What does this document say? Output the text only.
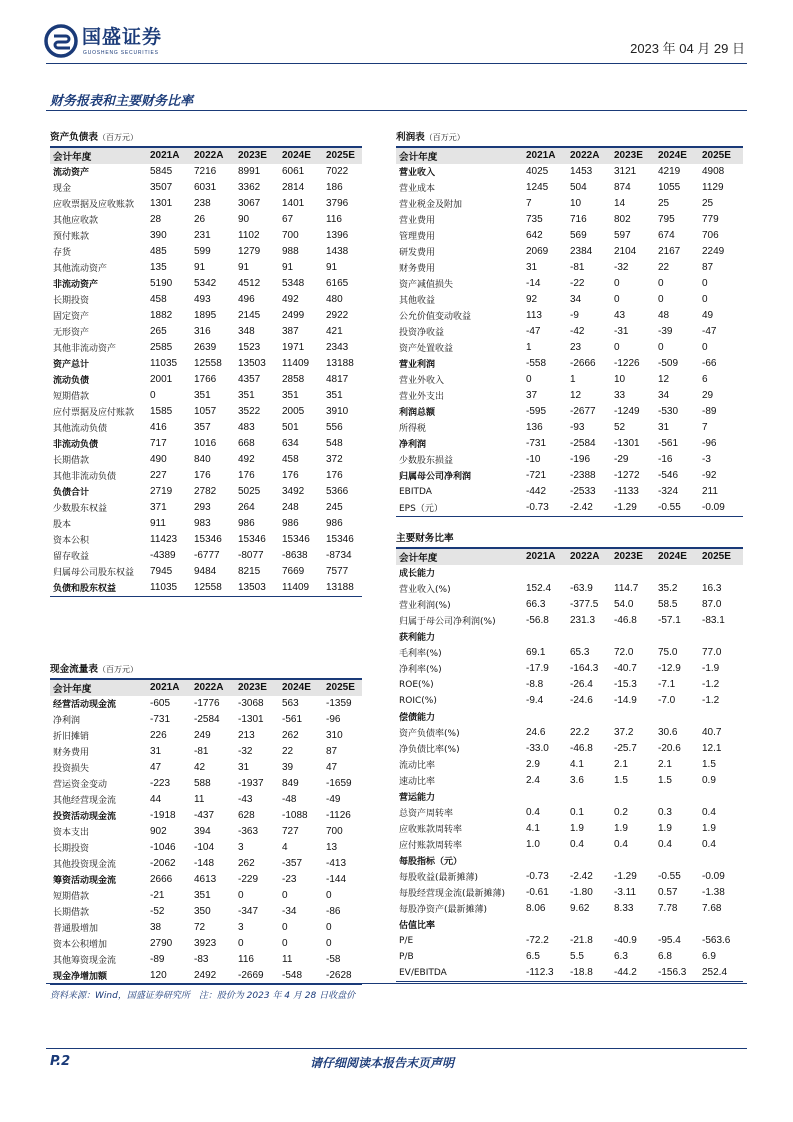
国盛证券
GUOSHENG SECURITIES	2023 年 04 月 29 日
财务报表和主要财务比率
资产负债表（百万元）
会计年度	2021A	2022A	2023E	2024E	2025E
流动资产	5845	7216	8991	6061	7022
现金	3507	6031	3362	2814	186
应收票据及应收账款	1301	238	3067	1401	3796
其他应收款	28	26	90	67	116
预付账款	390	231	1102	700	1396
存货	485	599	1279	988	1438
其他流动资产	135	91	91	91	91
非流动资产	5190	5342	4512	5348	6165
长期投资	458	493	496	492	480
固定资产	1882	1895	2145	2499	2922
无形资产	265	316	348	387	421
其他非流动资产	2585	2639	1523	1971	2343
资产总计	11035	12558	13503	11409	13188
流动负债	2001	1766	4357	2858	4817
短期借款	0	351	351	351	351
应付票据及应付账款	1585	1057	3522	2005	3910
其他流动负债	416	357	483	501	556
非流动负债	717	1016	668	634	548
长期借款	490	840	492	458	372
其他非流动负债	227	176	176	176	176
负债合计	2719	2782	5025	3492	5366
少数股东权益	371	293	264	248	245
股本	911	983	986	986	986
资本公积	11423	15346	15346	15346	15346
留存收益	-4389	-6777	-8077	-8638	-8734
归属母公司股东权益	7945	9484	8215	7669	7577
负债和股东权益	11035	12558	13503	11409	13188
利润表（百万元）
会计年度	2021A	2022A	2023E	2024E	2025E
营业收入	4025	1453	3121	4219	4908
营业成本	1245	504	874	1055	1129
营业税金及附加	7	10	14	25	25
营业费用	735	716	802	795	779
管理费用	642	569	597	674	706
研发费用	2069	2384	2104	2167	2249
财务费用	31	-81	-32	22	87
资产减值损失	-14	-22	0	0	0
其他收益	92	34	0	0	0
公允价值变动收益	113	-9	43	48	49
投资净收益	-47	-42	-31	-39	-47
资产处置收益	1	23	0	0	0
营业利润	-558	-2666	-1226	-509	-66
营业外收入	0	1	10	12	6
营业外支出	37	12	33	34	29
利润总额	-595	-2677	-1249	-530	-89
所得税	136	-93	52	31	7
净利润	-731	-2584	-1301	-561	-96
少数股东损益	-10	-196	-29	-16	-3
归属母公司净利润	-721	-2388	-1272	-546	-92
EBITDA	-442	-2533	-1133	-324	211
EPS（元）	-0.73	-2.42	-1.29	-0.55	-0.09
主要财务比率
会计年度	2021A	2022A	2023E	2024E	2025E
成长能力					
营业收入(%)	152.4	-63.9	114.7	35.2	16.3
营业利润(%)	66.3	-377.5	54.0	58.5	87.0
归属于母公司净利润(%)	-56.8	231.3	-46.8	-57.1	-83.1
获利能力					
毛利率(%)	69.1	65.3	72.0	75.0	77.0
净利率(%)	-17.9	-164.3	-40.7	-12.9	-1.9
ROE(%)	-8.8	-26.4	-15.3	-7.1	-1.2
ROIC(%)	-9.4	-24.6	-14.9	-7.0	-1.2
偿债能力					
资产负债率(%)	24.6	22.2	37.2	30.6	40.7
净负债比率(%)	-33.0	-46.8	-25.7	-20.6	12.1
流动比率	2.9	4.1	2.1	2.1	1.5
速动比率	2.4	3.6	1.5	1.5	0.9
营运能力					
总资产周转率	0.4	0.1	0.2	0.3	0.4
应收账款周转率	4.1	1.9	1.9	1.9	1.9
应付账款周转率	1.0	0.4	0.4	0.4	0.4
每股指标（元）					
每股收益(最新摊薄)	-0.73	-2.42	-1.29	-0.55	-0.09
每股经营现金流(最新摊薄)	-0.61	-1.80	-3.11	0.57	-1.38
每股净资产(最新摊薄)	8.06	9.62	8.33	7.78	7.68
估值比率					
P/E	-72.2	-21.8	-40.9	-95.4	-563.6
P/B	6.5	5.5	6.3	6.8	6.9
EV/EBITDA	-112.3	-18.8	-44.2	-156.3	252.4
现金流量表（百万元）
会计年度	2021A	2022A	2023E	2024E	2025E
经营活动现金流	-605	-1776	-3068	563	-1359
净利润	-731	-2584	-1301	-561	-96
折旧摊销	226	249	213	262	310
财务费用	31	-81	-32	22	87
投资损失	47	42	31	39	47
营运资金变动	-223	588	-1937	849	-1659
其他经营现金流	44	11	-43	-48	-49
投资活动现金流	-1918	-437	628	-1088	-1126
资本支出	902	394	-363	727	700
长期投资	-1046	-104	3	4	13
其他投资现金流	-2062	-148	262	-357	-413
筹资活动现金流	2666	4613	-229	-23	-144
短期借款	-21	351	0	0	0
长期借款	-52	350	-347	-34	-86
普通股增加	38	72	3	0	0
资本公积增加	2790	3923	0	0	0
其他筹资现金流	-89	-83	116	11	-58
现金净增加额	120	2492	-2669	-548	-2628
资料来源：Wind，国盛证券研究所　注：股价为 2023 年 4 月 28 日收盘价
P.2	请仔细阅读本报告末页声明
